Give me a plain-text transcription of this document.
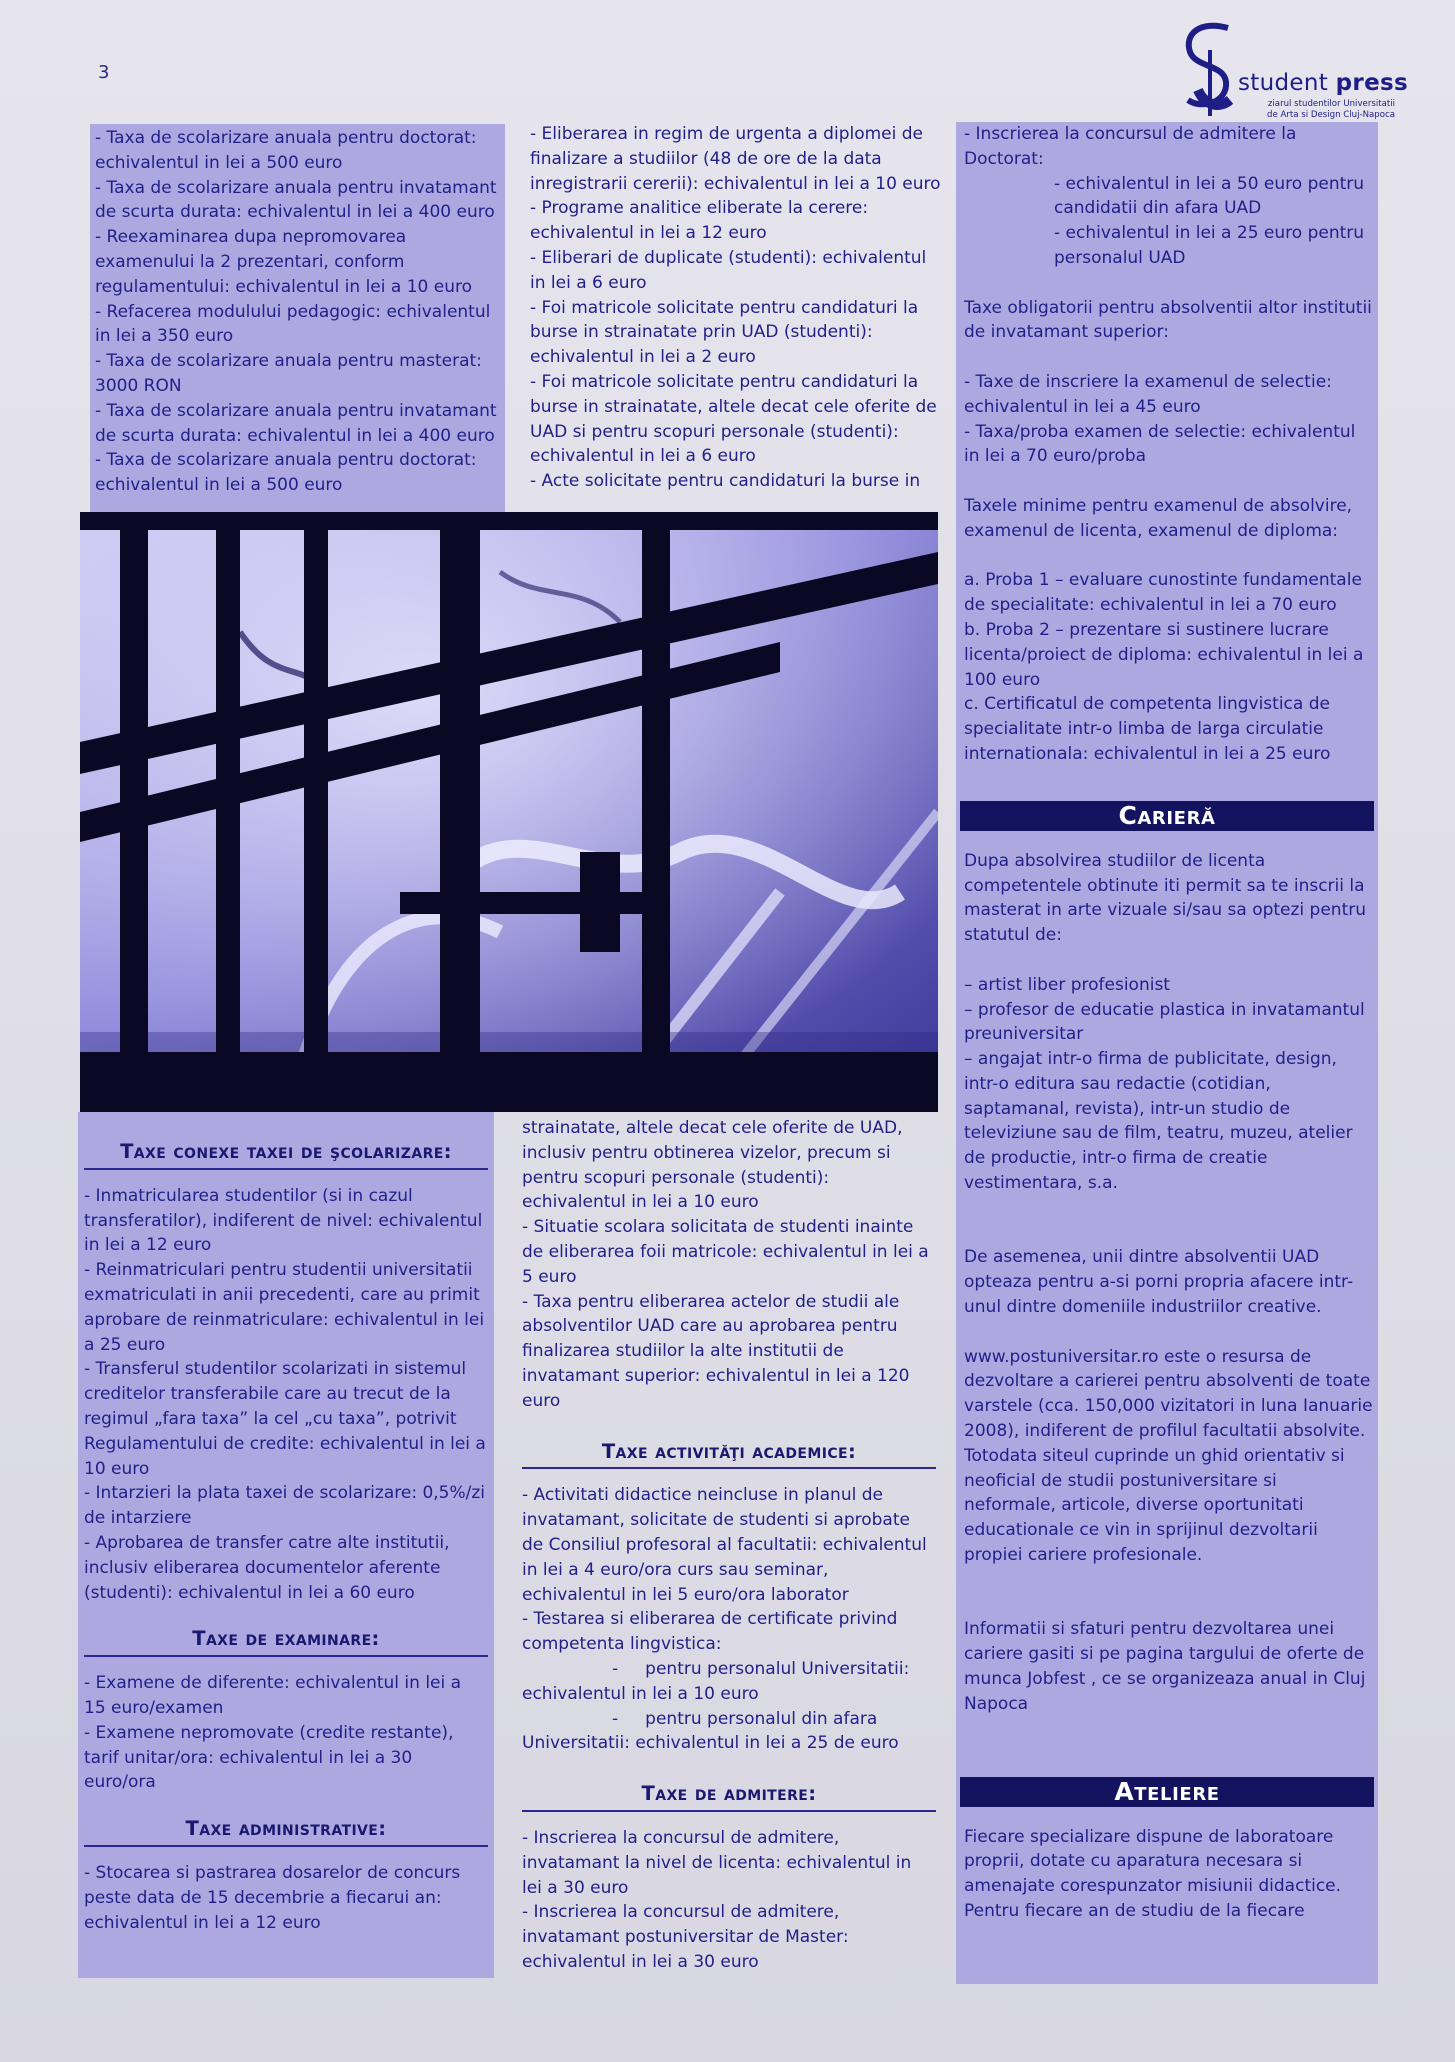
3	student press
ziarul studentilor Universitatii de Arta si Design Cluj-Napoca

- Taxa de scolarizare anuala pentru doctorat: echivalentul in lei a 500 euro

- Taxa de scolarizare anuala pentru invatamant de scurta durata: echivalentul in lei a 400 euro

- Reexaminarea dupa nepromovarea examenului la 2 prezentari, conform regulamentului: echivalentul in lei a 10 euro

- Refacerea modulului pedagogic: echivalentul in lei a 350 euro

- Taxa de scolarizare anuala pentru masterat: 3000 RON

- Taxa de scolarizare anuala pentru invatamant de scurta durata: echivalentul in lei a 400 euro

- Taxa de scolarizare anuala pentru doctorat: echivalentul in lei a 500 euro

- Eliberarea in regim de urgenta a diplomei de finalizare a studiilor (48 de ore de la data inregistrarii cererii): echivalentul in lei a 10 euro

- Programe analitice eliberate la cerere: echivalentul in lei a 12 euro

- Eliberari de duplicate (studenti): echivalentul in lei a 6 euro

- Foi matricole solicitate pentru candidaturi la burse in strainatate prin UAD (studenti): echivalentul in lei a 2 euro

- Foi matricole solicitate pentru candidaturi la burse in strainatate, altele decat cele oferite de UAD si pentru scopuri personale (studenti): echivalentul in lei a 6 euro

- Acte solicitate pentru candidaturi la burse in

Taxe conexe taxei de şcolarizare:

- Inmatricularea studentilor (si in cazul transferatilor), indiferent de nivel: echivalentul in lei a 12 euro

- Reinmatriculari pentru studentii universitatii exmatriculati in anii precedenti, care au primit aprobare de reinmatriculare: echivalentul in lei a 25 euro

- Transferul studentilor scolarizati in sistemul creditelor transferabile care au trecut de la regimul „fara taxa” la cel „cu taxa”, potrivit Regulamentului de credite: echivalentul in lei a 10 euro

- Intarzieri la plata taxei de scolarizare: 0,5%/zi de intarziere

- Aprobarea de transfer catre alte institutii, inclusiv eliberarea documentelor aferente (studenti): echivalentul in lei a 60 euro

Taxe de examinare:

- Examene de diferente: echivalentul in lei a 15 euro/examen

- Examene nepromovate (credite restante), tarif unitar/ora: echivalentul in lei a 30 euro/ora

Taxe administrative:

- Stocarea si pastrarea dosarelor de concurs peste data de 15 decembrie a fiecarui an: echivalentul in lei a 12 euro

strainatate, altele decat cele oferite de UAD, inclusiv pentru obtinerea vizelor, precum si pentru scopuri personale (studenti): echivalentul in lei a 10 euro

- Situatie scolara solicitata de studenti inainte de eliberarea foii matricole: echivalentul in lei a 5 euro

- Taxa pentru eliberarea actelor de studii ale absolventilor UAD care au aprobarea pentru finalizarea studiilor la alte institutii de invatamant superior: echivalentul in lei a 120 euro

Taxe activităţi academice:

- Activitati didactice neincluse in planul de invatamant, solicitate de studenti si aprobate de Consiliul profesoral al facultatii: echivalentul in lei a 4 euro/ora curs sau seminar, echivalentul in lei 5 euro/ora laborator

- Testarea si eliberarea de certificate privind competenta lingvistica:

- pentru personalul Universitatii: echivalentul in lei a 10 euro

- pentru personalul din afara Universitatii: echivalentul in lei a 25 de euro

Taxe de admitere:

- Inscrierea la concursul de admitere, invatamant la nivel de licenta: echivalentul in lei a 30 euro

- Inscrierea la concursul de admitere, invatamant postuniversitar de Master: echivalentul in lei a 30 euro

- Inscrierea la concursul de admitere la Doctorat:

- echivalentul in lei a 50 euro pentru candidatii din afara UAD

- echivalentul in lei a 25 euro pentru personalul UAD

Taxe obligatorii pentru absolventii altor institutii de invatamant superior:

- Taxe de inscriere la examenul de selectie: echivalentul in lei a 45 euro

- Taxa/proba examen de selectie: echivalentul in lei a 70 euro/proba

Taxele minime pentru examenul de absolvire, examenul de licenta, examenul de diploma:

a. Proba 1 – evaluare cunostinte fundamentale de specialitate: echivalentul in lei a 70 euro

b. Proba 2 – prezentare si sustinere lucrare licenta/proiect de diploma: echivalentul in lei a 100 euro

c. Certificatul de competenta lingvistica de specialitate intr-o limba de larga circulatie internationala: echivalentul in lei a 25 euro

Carieră

Dupa absolvirea studiilor de licenta competentele obtinute iti permit sa te inscrii la masterat in arte vizuale si/sau sa optezi pentru statutul de:

– artist liber profesionist

– profesor de educatie plastica in invatamantul preuniversitar

– angajat intr-o firma de publicitate, design, intr-o editura sau redactie (cotidian, saptamanal, revista), intr-un studio de televiziune sau de film, teatru, muzeu, atelier de productie, intr-o firma de creatie vestimentara, s.a.

De asemenea, unii dintre absolventii UAD opteaza pentru a-si porni propria afacere intr-unul dintre domeniile industriilor creative.

www.postuniversitar.ro este o resursa de dezvoltare a carierei pentru absolventi de toate varstele (cca. 150,000 vizitatori in luna Ianuarie 2008), indiferent de profilul facultatii absolvite. Totodata siteul cuprinde un ghid orientativ si neoficial de studii postuniversitare si neformale, articole, diverse oportunitati educationale ce vin in sprijinul dezvoltarii propiei cariere profesionale.

Informatii si sfaturi pentru dezvoltarea unei cariere gasiti si pe pagina targului de oferte de munca Jobfest , ce se organizeaza anual in Cluj Napoca

Ateliere

Fiecare specializare dispune de laboratoare proprii, dotate cu aparatura necesara si amenajate corespunzator misiunii didactice. Pentru fiecare an de studiu de la fiecare
